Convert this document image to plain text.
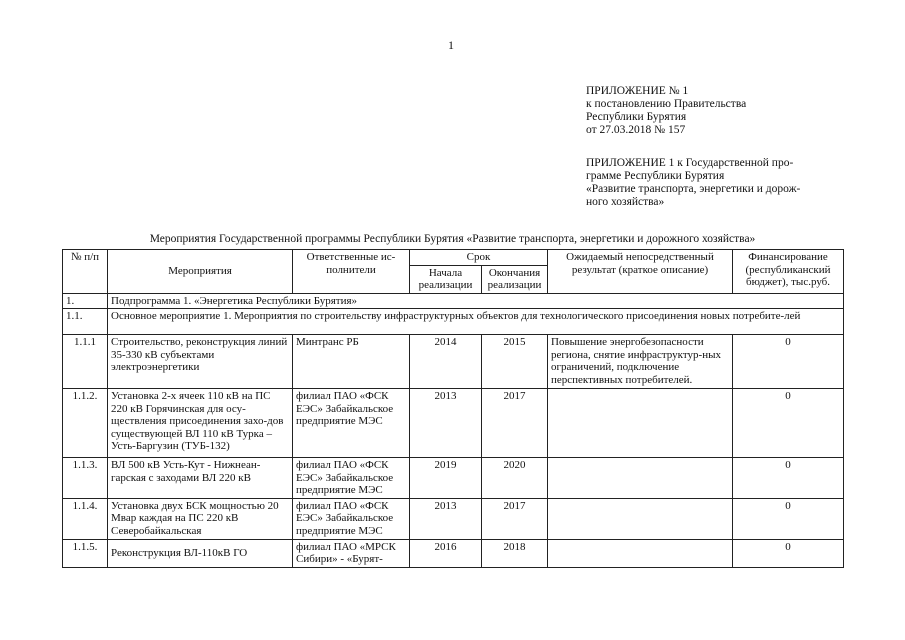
1
ПРИЛОЖЕНИЕ № 1
к постановлению Правительства
Республики Бурятия
от 27.03.2018 № 157
ПРИЛОЖЕНИЕ 1 к Государственной про-
грамме Республики Бурятия
«Развитие транспорта, энергетики и дорож-
ного хозяйства»
Мероприятия Государственной программы Республики Бурятия «Развитие транспорта, энергетики и дорожного хозяйства»
№ п/п	Мероприятия	Ответственные ис-полнители	Срок		Ожидаемый непосредственный результат (краткое описание)	Финансирование (республиканский бюджет), тыс.руб.
			Начала реализации	Окончания реализации		
1.	Подпрограмма 1. «Энергетика Республики Бурятия»					
1.1.	Основное мероприятие 1. Мероприятия по строительству инфраструктурных объектов для технологического присоединения новых потребите-лей					
1.1.1	Строительство, реконструкция линий 35-330 кВ субъектами электроэнергетики	Минтранс РБ	2014	2015	Повышение энергобезопасности региона, снятие инфраструктур-ных ограничений, подключение перспективных потребителей.	0
1.1.2.	Установка 2-х ячеек 110 кВ на ПС 220 кВ Горячинская для осу-ществления присоединения захо-дов существующей ВЛ 110 кВ Турка – Усть-Баргузин (ТУБ-132)	филиал ПАО «ФСК ЕЭС» Забайкальское предприятие МЭС	2013	2017		0
1.1.3.	ВЛ 500 кВ Усть-Кут - Нижнеан-гарская с заходами ВЛ 220 кВ	филиал ПАО «ФСК ЕЭС» Забайкальское предприятие МЭС	2019	2020		0
1.1.4.	Установка двух БСК мощностью 20 Мвар каждая на ПС 220 кВ Северобайкальская	филиал ПАО «ФСК ЕЭС» Забайкальское предприятие МЭС	2013	2017		0
1.1.5.	Реконструкция ВЛ-110кВ ГО	филиал ПАО «МРСК Сибири» - «Бурят-	2016	2018		0
